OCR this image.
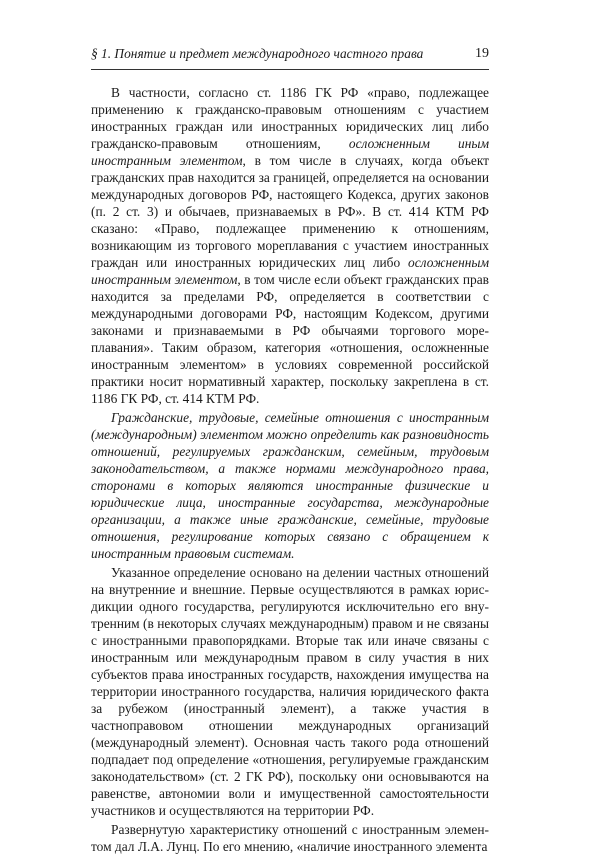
§ 1. Понятие и предмет международного частного права	19

В частности, согласно ст. 1186 ГК РФ «право, подлежащее применению к гражданско-правовым отношениям с участием иностранных граждан или иностранных юридических лиц либо гражданско-правовым отношениям, осложненным иным иностранным элементом, в том числе в случаях, когда объект гражданских прав находится за границей, определяется на основании международных договоров РФ, настоящего Кодекса, других законов (п. 2 ст. 3) и обычаев, признаваемых в РФ». В ст. 414 КТМ РФ сказано: «Право, подлежащее применению к отношениям, возникающим из торгового мореплавания с участием иностранных граждан или иностранных юридических лиц либо осложненным иностранным элементом, в том числе если объект гражданских прав находится за пределами РФ, определяется в соответствии с международными договорами РФ, настоящим Кодексом, другими законами и признаваемыми в РФ обычаями торгового мореплавания». Таким образом, категория «отношения, осложненные иностранным элементом» в условиях современной российской практики носит нормативный характер, поскольку закреплена в ст. 1186 ГК РФ, ст. 414 КТМ РФ.

Гражданские, трудовые, семейные отношения с иностранным (международным) элементом можно определить как разновидность отношений, регулируемых гражданским, семейным, трудовым законодательством, а также нормами международного права, сторонами в которых являются иностранные физические и юридические лица, иностранные государства, международные организации, а также иные гражданские, семейные, трудовые отношения, регулирование которых связано с обращением к иностранным правовым системам.

Указанное определение основано на делении частных отношений на внутренние и внешние. Первые осуществляются в рамках юрисдикции одного государства, регулируются исключительно его внутренним (в некоторых случаях международным) правом и не связаны с иностранными правопорядками. Вторые так или иначе связаны с иностранным или международным правом в силу участия в них субъектов права иностранных государств, нахождения имущества на территории иностранного государства, наличия юридического факта за рубежом (иностранный элемент), а также участия в частноправовом отношении международных организаций (международный элемент). Основная часть такого рода отношений подпадает под определение «отношения, регулируемые гражданским законодательством» (ст. 2 ГК РФ), поскольку они основываются на равенстве, автономии воли и имущественной самостоятельности участников и осуществляются на территории РФ.

Развернутую характеристику отношений с иностранным элементом дал Л.А. Лунц. По его мнению, «наличие иностранного элемента
